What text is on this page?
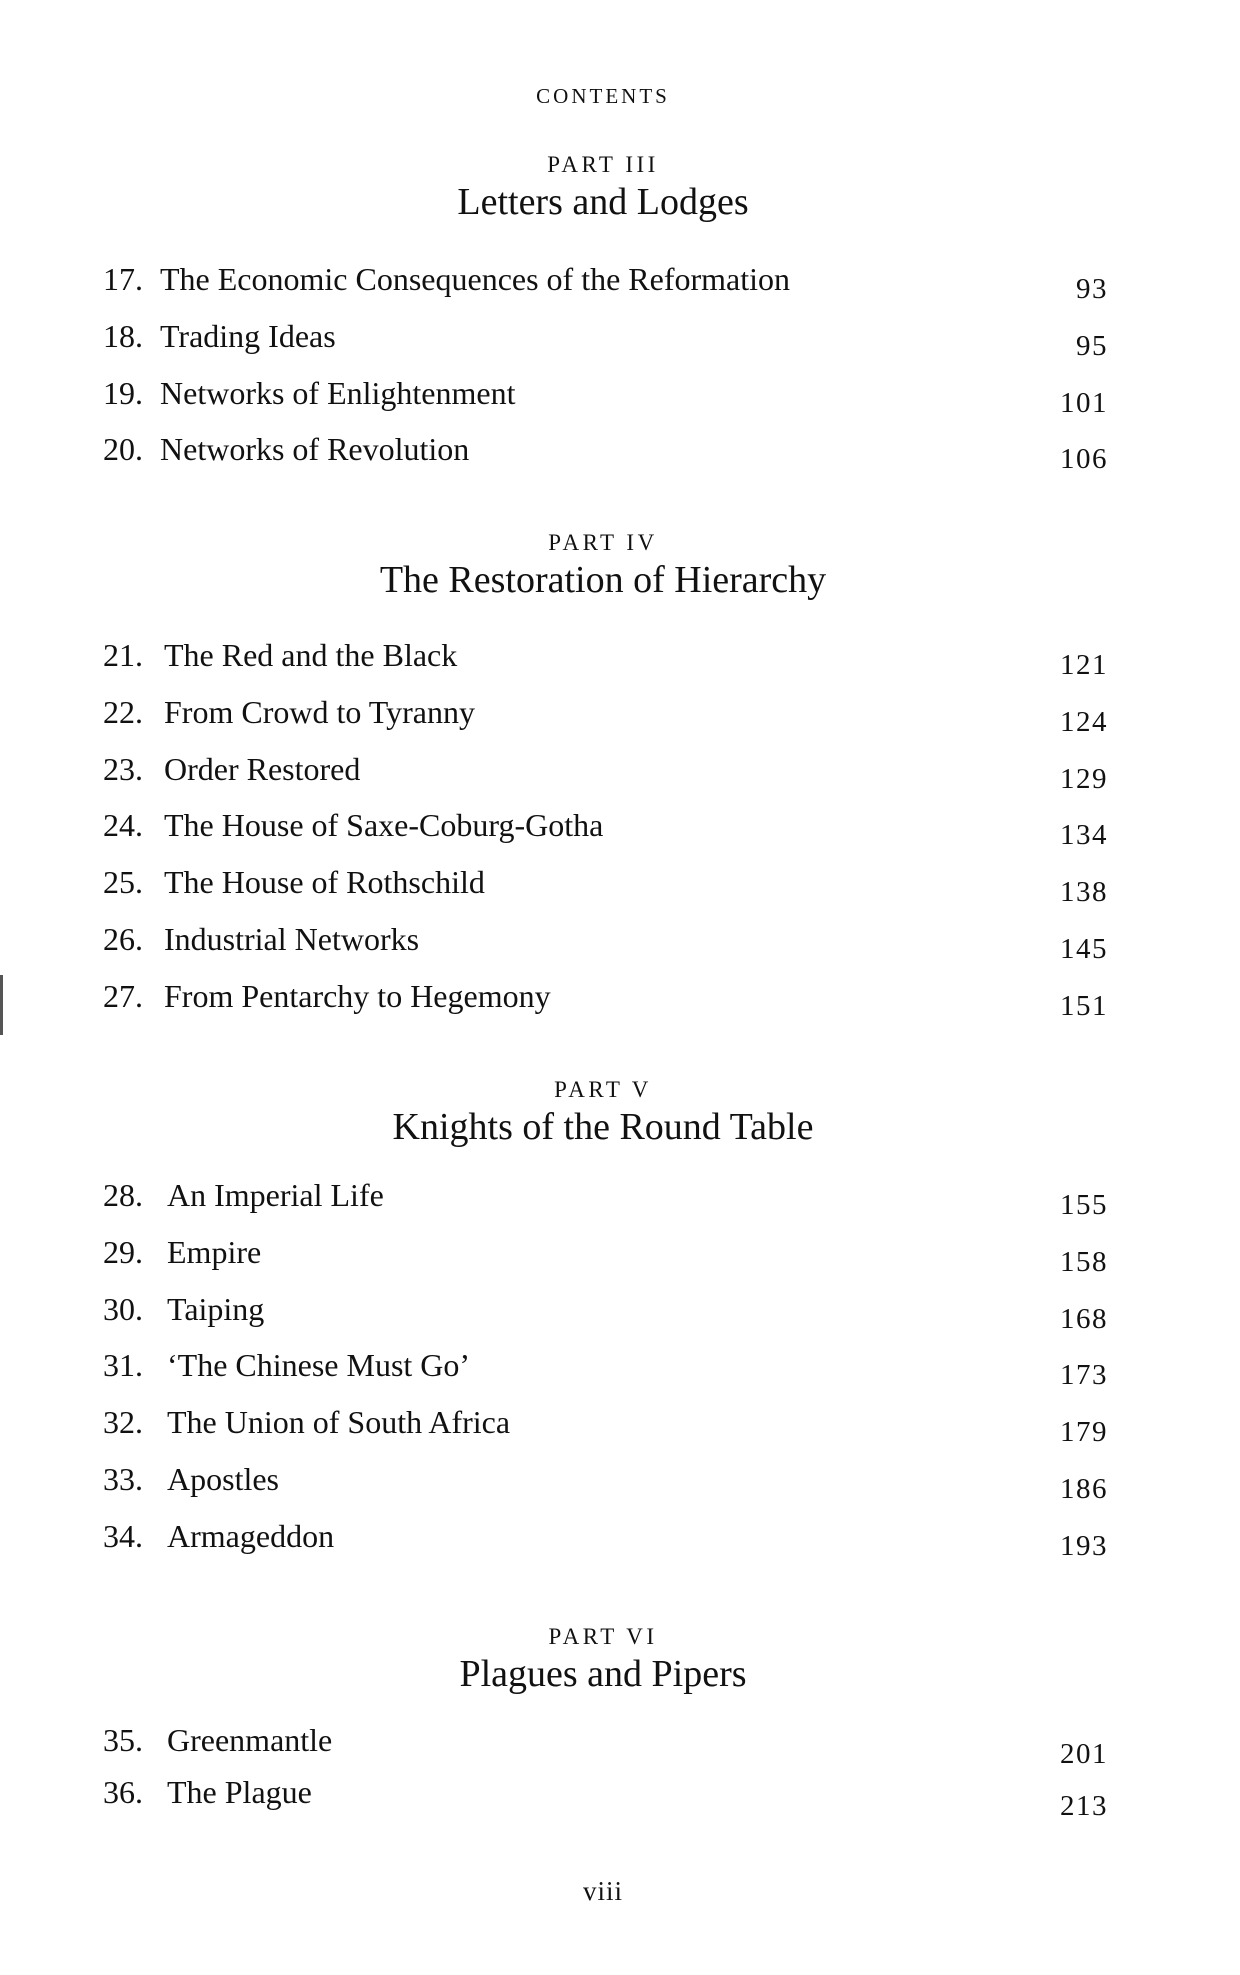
CONTENTS
PART III
Letters and Lodges
17. The Economic Consequences of the Reformation	93
18. Trading Ideas	95
19. Networks of Enlightenment	101
20. Networks of Revolution	106
PART IV
The Restoration of Hierarchy
21. The Red and the Black	121
22. From Crowd to Tyranny	124
23. Order Restored	129
24. The House of Saxe-Coburg-Gotha	134
25. The House of Rothschild	138
26. Industrial Networks	145
27. From Pentarchy to Hegemony	151
PART V
Knights of the Round Table
28. An Imperial Life	155
29. Empire	158
30. Taiping	168
31. ‘The Chinese Must Go’	173
32. The Union of South Africa	179
33. Apostles	186
34. Armageddon	193
PART VI
Plagues and Pipers
35. Greenmantle	201
36. The Plague	213
viii
